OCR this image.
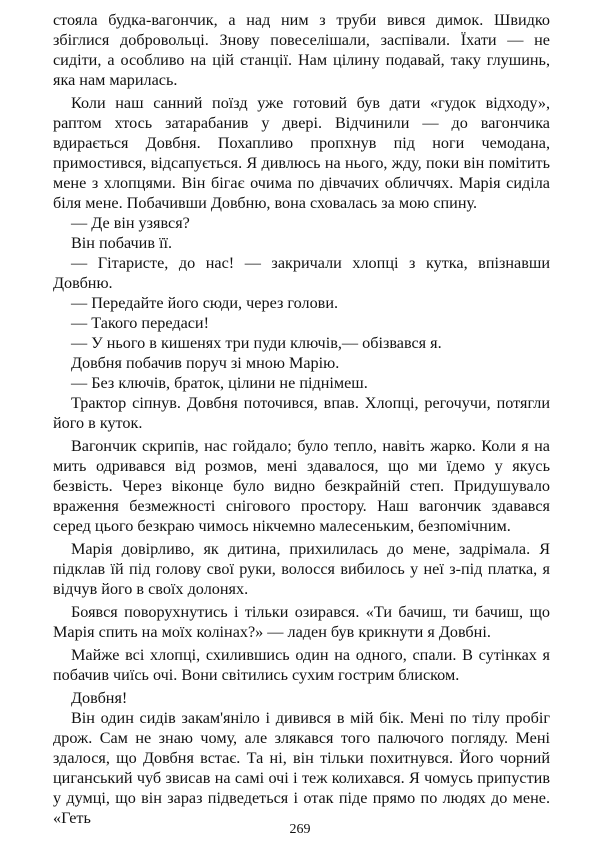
стояла будка-вагончик, а над ним з труби вився димок. Швидко збіглися добровольці. Знову повеселішали, заспівали. Їхати — не сидіти, а особливо на цій станції. Нам цілину подавай, таку глушинь, яка нам марилась.

Коли наш санний поїзд уже готовий був дати «гудок відходу», раптом хтось затарабанив у двері. Відчинили — до вагончика вдирається Довбня. Похапливо пропхнув під ноги чемодана, примостився, відсапується. Я дивлюсь на нього, жду, поки він помітить мене з хлопцями. Він бігає очима по дівчачих обличчях. Марія сиділа біля мене. Побачивши Довбню, вона сховалась за мою спину.

— Де він узявся?

Він побачив її.

— Гітаристе, до нас! — закричали хлопці з кутка, впізнавши Довбню.

— Передайте його сюди, через голови.

— Такого передаси!

— У нього в кишенях три пуди ключів,— обізвався я.

Довбня побачив поруч зі мною Марію.

— Без ключів, браток, цілини не піднімеш.

Трактор сіпнув. Довбня поточився, впав. Хлопці, регочучи, потягли його в куток.

Вагончик скрипів, нас гойдало; було тепло, навіть жарко. Коли я на мить одривався від розмов, мені здавалося, що ми їдемо у якусь безвість. Через віконце було видно безкрайній степ. Придушувало враження безмежності снігового простору. Наш вагончик здавався серед цього безкраю чимось нікчемно малесеньким, безпомічним.

Марія довірливо, як дитина, прихилилась до мене, задрімала. Я підклав їй під голову свої руки, волосся вибилось у неї з-під платка, я відчув його в своїх долонях.

Боявся поворухнутись і тільки озирався. «Ти бачиш, ти бачиш, що Марія спить на моїх колінах?» — ладен був крикнути я Довбні.

Майже всі хлопці, схилившись один на одного, спали. В сутінках я побачив чиїсь очі. Вони світились сухим гострим блиском.

Довбня!

Він один сидів закам'яніло і дивився в мій бік. Мені по тілу пробіг дрож. Сам не знаю чому, але злякався того палючого погляду. Мені здалося, що Довбня встає. Та ні, він тільки похитнувся. Його чорний циганський чуб звисав на самі очі і теж колихався. Я чомусь припустив у думці, що він зараз підведеться і отак піде прямо по людях до мене. «Геть

269
